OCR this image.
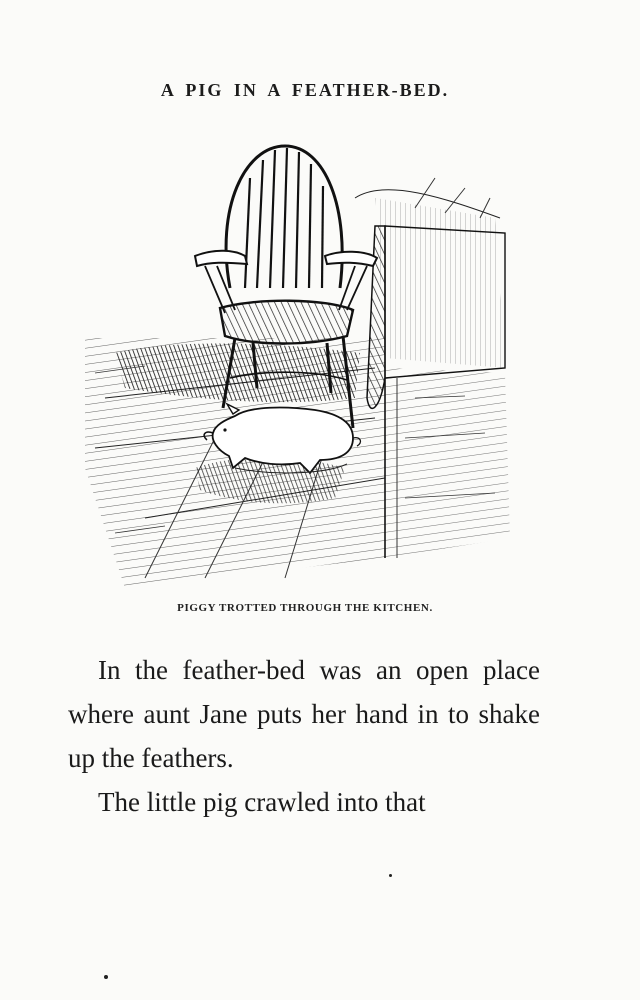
A PIG IN A FEATHER-BED.
PIGGY TROTTED THROUGH THE KITCHEN.

In the feather-bed was an open place where aunt Jane puts her hand in to shake up the feathers.

The little pig crawled into that
